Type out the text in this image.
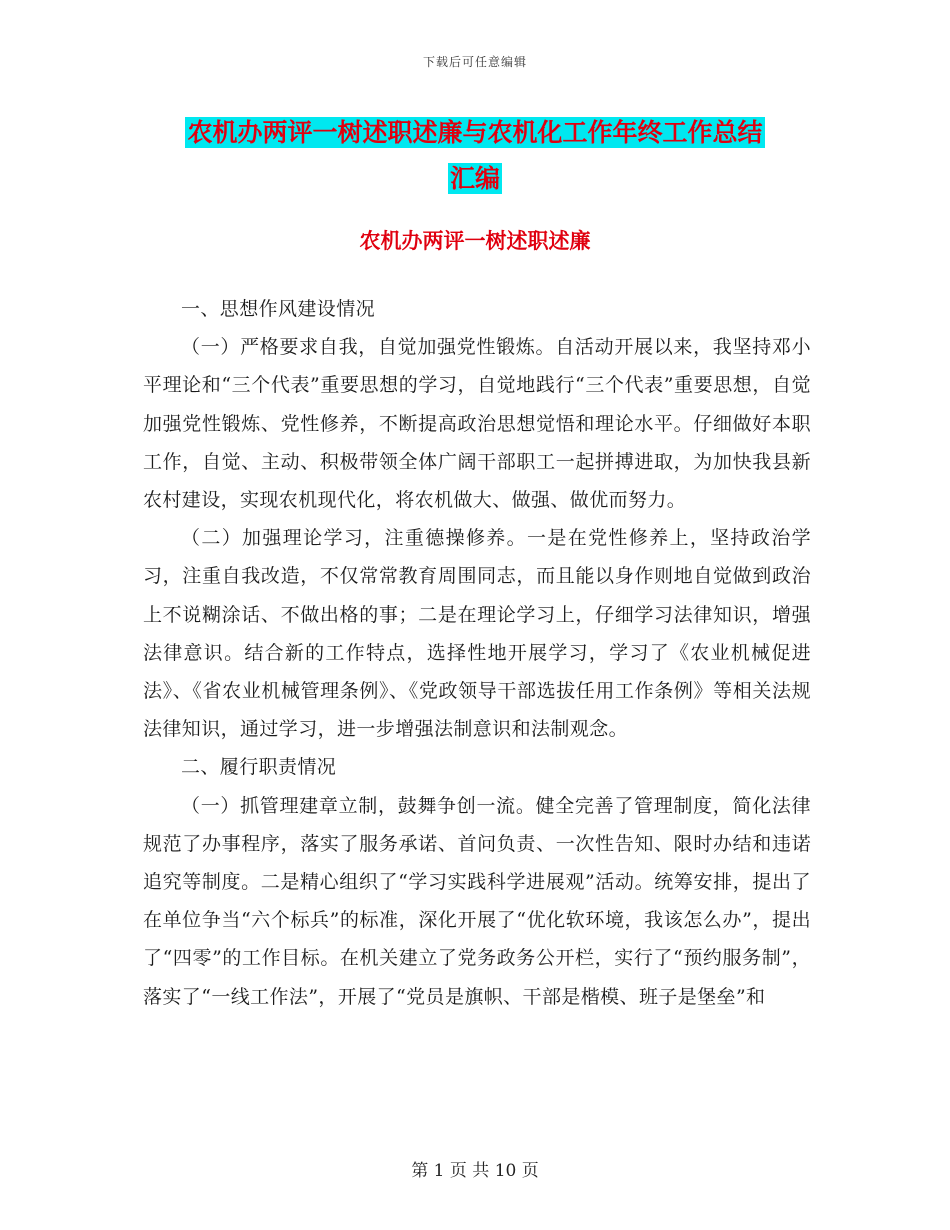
下载后可任意编辑
农机办两评一树述职述廉与农机化工作年终工作总结
汇编
农机办两评一树述职述廉

一、思想作风建设情况

（一）严格要求自我，自觉加强党性锻炼。自活动开展以来，我坚持邓小平理论和“三个代表”重要思想的学习，自觉地践行“三个代表”重要思想，自觉加强党性锻炼、党性修养，不断提高政治思想觉悟和理论水平。仔细做好本职工作，自觉、主动、积极带领全体广阔干部职工一起拼搏进取，为加快我县新农村建设，实现农机现代化，将农机做大、做强、做优而努力。

（二）加强理论学习，注重德操修养。一是在党性修养上，坚持政治学习，注重自我改造，不仅常常教育周围同志，而且能以身作则地自觉做到政治上不说糊涂话、不做出格的事；二是在理论学习上，仔细学习法律知识，增强法律意识。结合新的工作特点，选择性地开展学习，学习了《农业机械促进法》、《省农业机械管理条例》、《党政领导干部选拔任用工作条例》等相关法规法律知识，通过学习，进一步增强法制意识和法制观念。

二、履行职责情况

（一）抓管理建章立制，鼓舞争创一流。健全完善了管理制度，简化法律规范了办事程序，落实了服务承诺、首问负责、一次性告知、限时办结和违诺追究等制度。二是精心组织了“学习实践科学进展观”活动。统筹安排，提出了在单位争当“六个标兵”的标准，深化开展了“优化软环境，我该怎么办”，提出了“四零”的工作目标。在机关建立了党务政务公开栏，实行了“预约服务制”，落实了“一线工作法”，开展了“党员是旗帜、干部是楷模、班子是堡垒”和

第 1 页 共 10 页
